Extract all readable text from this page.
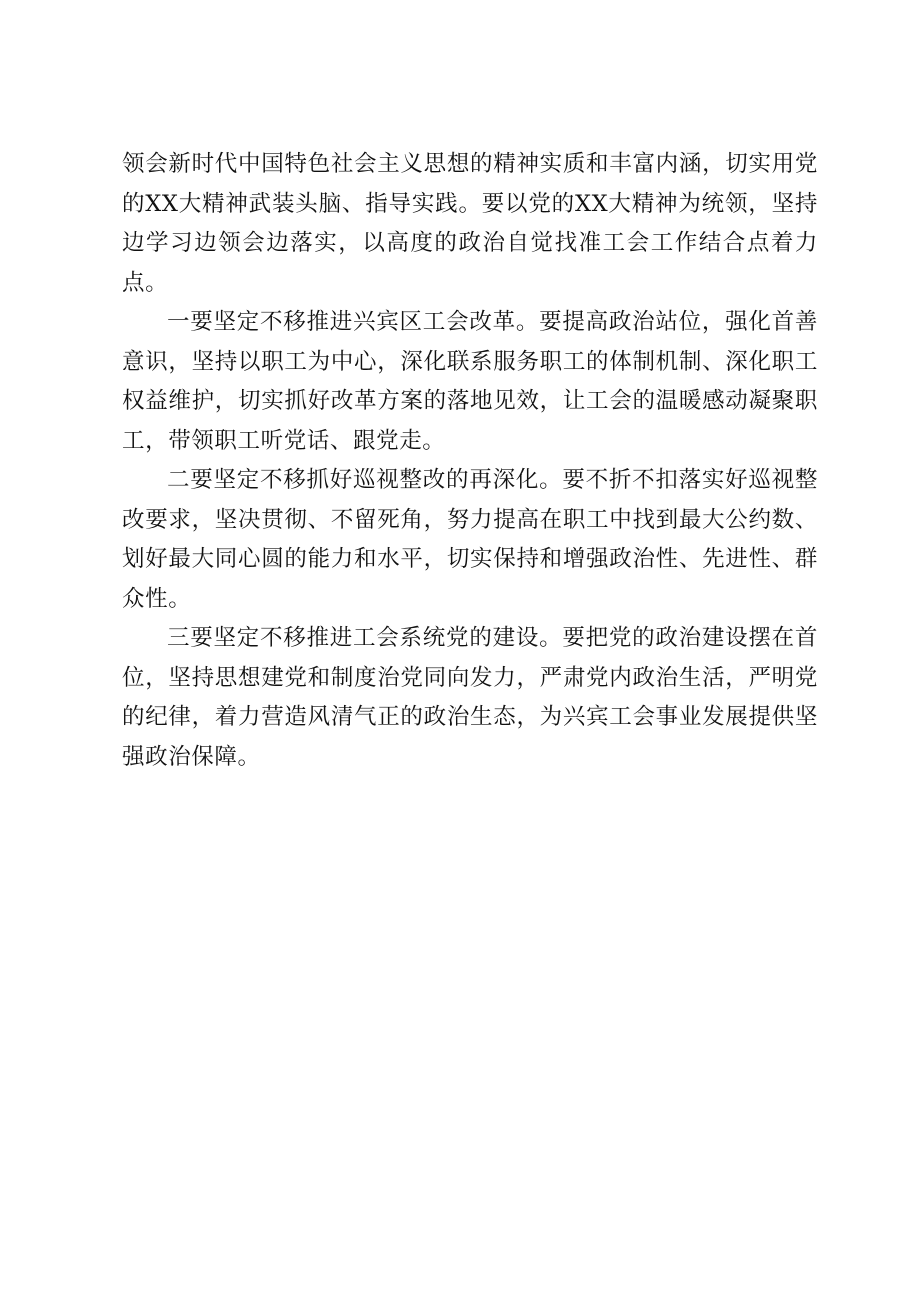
领会新时代中国特色社会主义思想的精神实质和丰富内涵，切实用党的XX大精神武装头脑、指导实践。要以党的XX大精神为统领，坚持边学习边领会边落实，以高度的政治自觉找准工会工作结合点着力点。

一要坚定不移推进兴宾区工会改革。要提高政治站位，强化首善意识，坚持以职工为中心，深化联系服务职工的体制机制、深化职工权益维护，切实抓好改革方案的落地见效，让工会的温暖感动凝聚职工，带领职工听党话、跟党走。

二要坚定不移抓好巡视整改的再深化。要不折不扣落实好巡视整改要求，坚决贯彻、不留死角，努力提高在职工中找到最大公约数、划好最大同心圆的能力和水平，切实保持和增强政治性、先进性、群众性。

三要坚定不移推进工会系统党的建设。要把党的政治建设摆在首位，坚持思想建党和制度治党同向发力，严肃党内政治生活，严明党的纪律，着力营造风清气正的政治生态，为兴宾工会事业发展提供坚强政治保障。
